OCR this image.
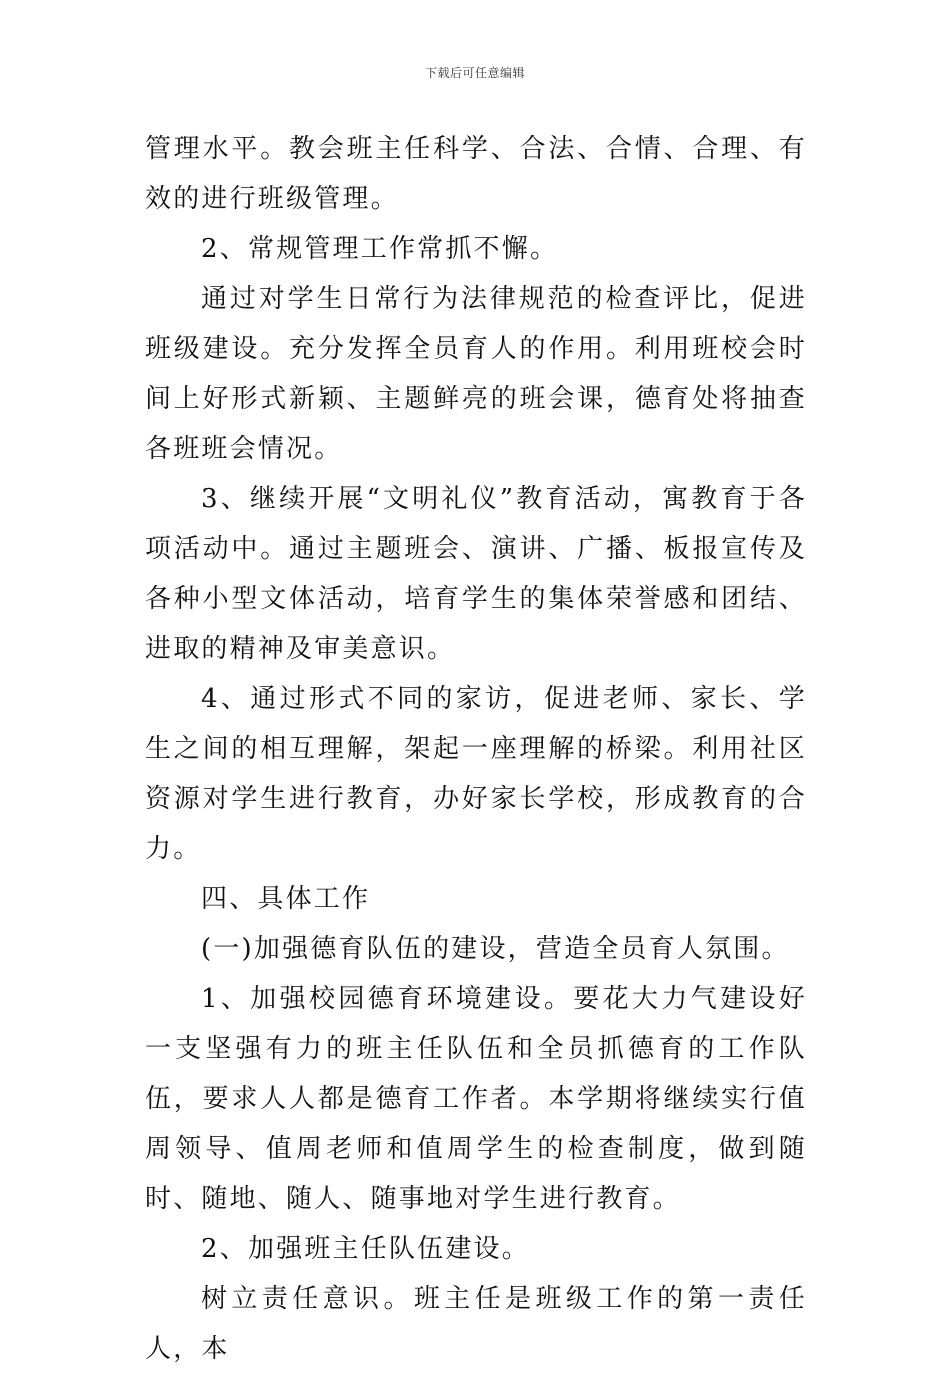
下载后可任意编辑

管理水平。教会班主任科学、合法、合情、合理、有效的进行班级管理。

2、常规管理工作常抓不懈。

通过对学生日常行为法律规范的检查评比，促进班级建设。充分发挥全员育人的作用。利用班校会时间上好形式新颖、主题鲜亮的班会课，德育处将抽查各班班会情况。

3、继续开展“文明礼仪”教育活动，寓教育于各项活动中。通过主题班会、演讲、广播、板报宣传及各种小型文体活动，培育学生的集体荣誉感和团结、进取的精神及审美意识。

4、通过形式不同的家访，促进老师、家长、学生之间的相互理解，架起一座理解的桥梁。利用社区资源对学生进行教育，办好家长学校，形成教育的合力。

四、具体工作

(一)加强德育队伍的建设，营造全员育人氛围。

1、加强校园德育环境建设。要花大力气建设好一支坚强有力的班主任队伍和全员抓德育的工作队伍，要求人人都是德育工作者。本学期将继续实行值周领导、值周老师和值周学生的检查制度，做到随时、随地、随人、随事地对学生进行教育。

2、加强班主任队伍建设。

树立责任意识。班主任是班级工作的第一责任人，本
